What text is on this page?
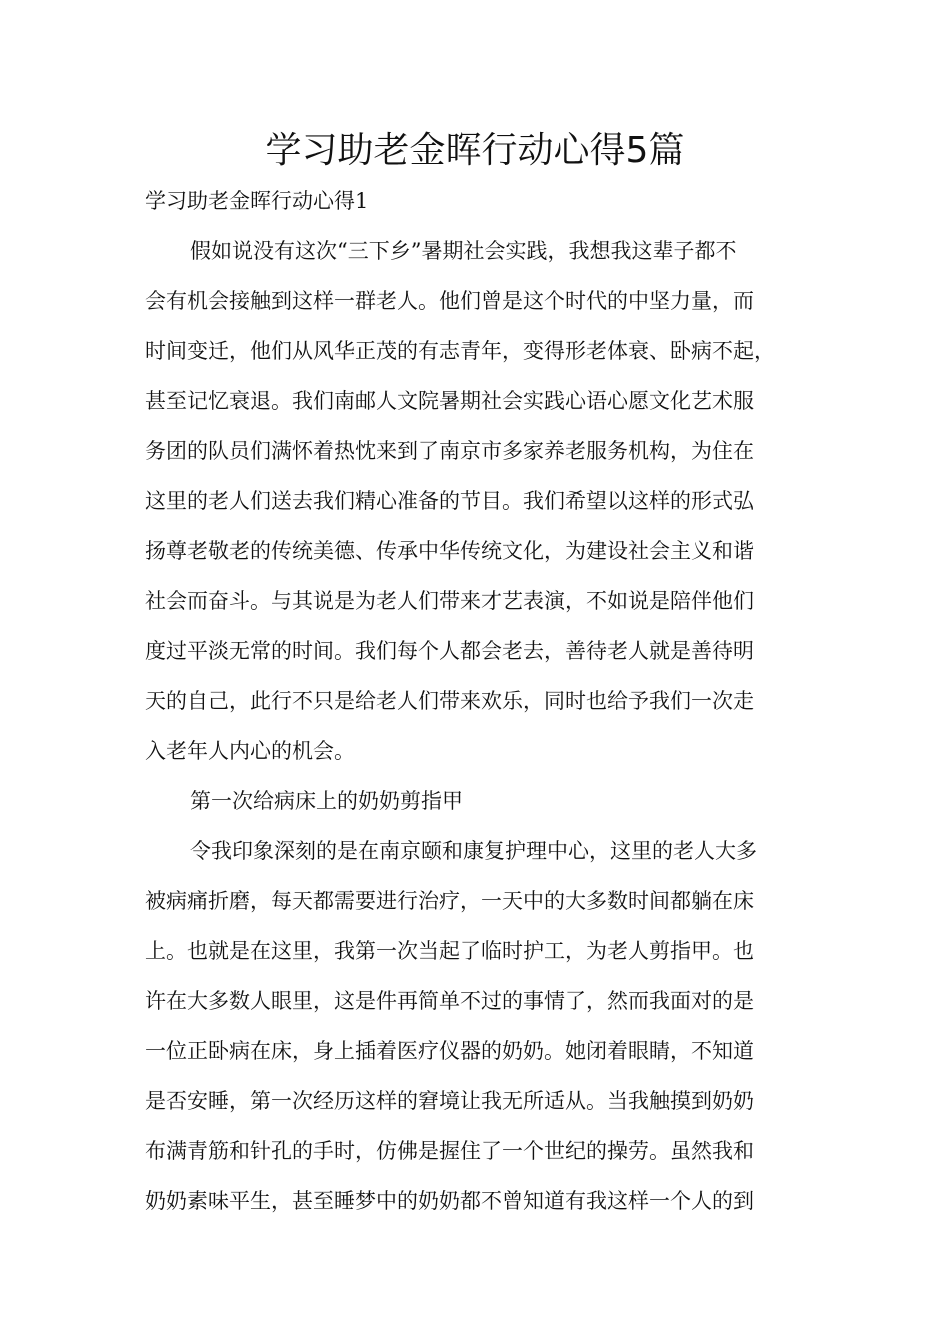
学习助老金晖行动心得5篇

学习助老金晖行动心得1

假如说没有这次“三下乡”暑期社会实践，我想我这辈子都不
会有机会接触到这样一群老人。他们曾是这个时代的中坚力量，而
时间变迁，他们从风华正茂的有志青年，变得形老体衰、卧病不起，
甚至记忆衰退。我们南邮人文院暑期社会实践心语心愿文化艺术服
务团的队员们满怀着热忱来到了南京市多家养老服务机构，为住在
这里的老人们送去我们精心准备的节目。我们希望以这样的形式弘
扬尊老敬老的传统美德、传承中华传统文化，为建设社会主义和谐
社会而奋斗。与其说是为老人们带来才艺表演，不如说是陪伴他们
度过平淡无常的时间。我们每个人都会老去，善待老人就是善待明
天的自己，此行不只是给老人们带来欢乐，同时也给予我们一次走
入老年人内心的机会。
第一次给病床上的奶奶剪指甲
令我印象深刻的是在南京颐和康复护理中心，这里的老人大多
被病痛折磨，每天都需要进行治疗，一天中的大多数时间都躺在床
上。也就是在这里，我第一次当起了临时护工，为老人剪指甲。也
许在大多数人眼里，这是件再简单不过的事情了，然而我面对的是
一位正卧病在床，身上插着医疗仪器的奶奶。她闭着眼睛，不知道
是否安睡，第一次经历这样的窘境让我无所适从。当我触摸到奶奶
布满青筋和针孔的手时，仿佛是握住了一个世纪的操劳。虽然我和
奶奶素味平生，甚至睡梦中的奶奶都不曾知道有我这样一个人的到
